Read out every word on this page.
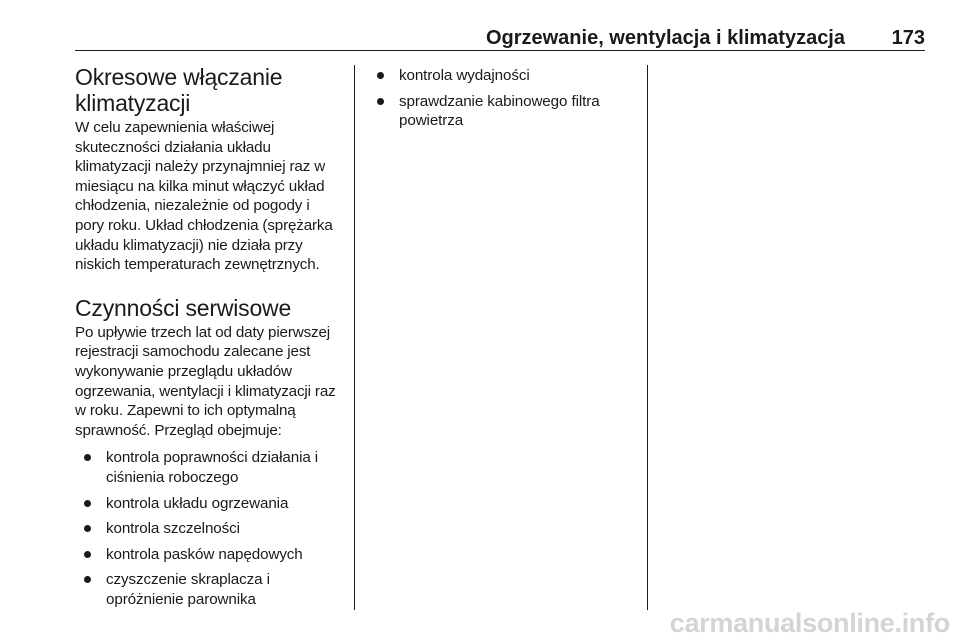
Ogrzewanie, wentylacja i klimatyzacja 173
Okresowe włączanie klimatyzacji

W celu zapewnienia właściwej skuteczności działania układu klimatyzacji należy przynajmniej raz w miesiącu na kilka minut włączyć układ chłodzenia, niezależnie od pogody i pory roku. Układ chłodzenia (sprężarka układu klimatyzacji) nie działa przy niskich temperaturach zewnętrznych.

Czynności serwisowe

Po upływie trzech lat od daty pierwszej rejestracji samochodu zalecane jest wykonywanie przeglądu układów ogrzewania, wentylacji i klimatyzacji raz w roku. Zapewni to ich optymalną sprawność. Przegląd obejmuje:

kontrola poprawności działania i ciśnienia roboczego
kontrola układu ogrzewania
kontrola szczelności
kontrola pasków napędowych
czyszczenie skraplacza i opróżnienie parownika
kontrola wydajności
sprawdzanie kabinowego filtra powietrza
carmanualsonline.info
